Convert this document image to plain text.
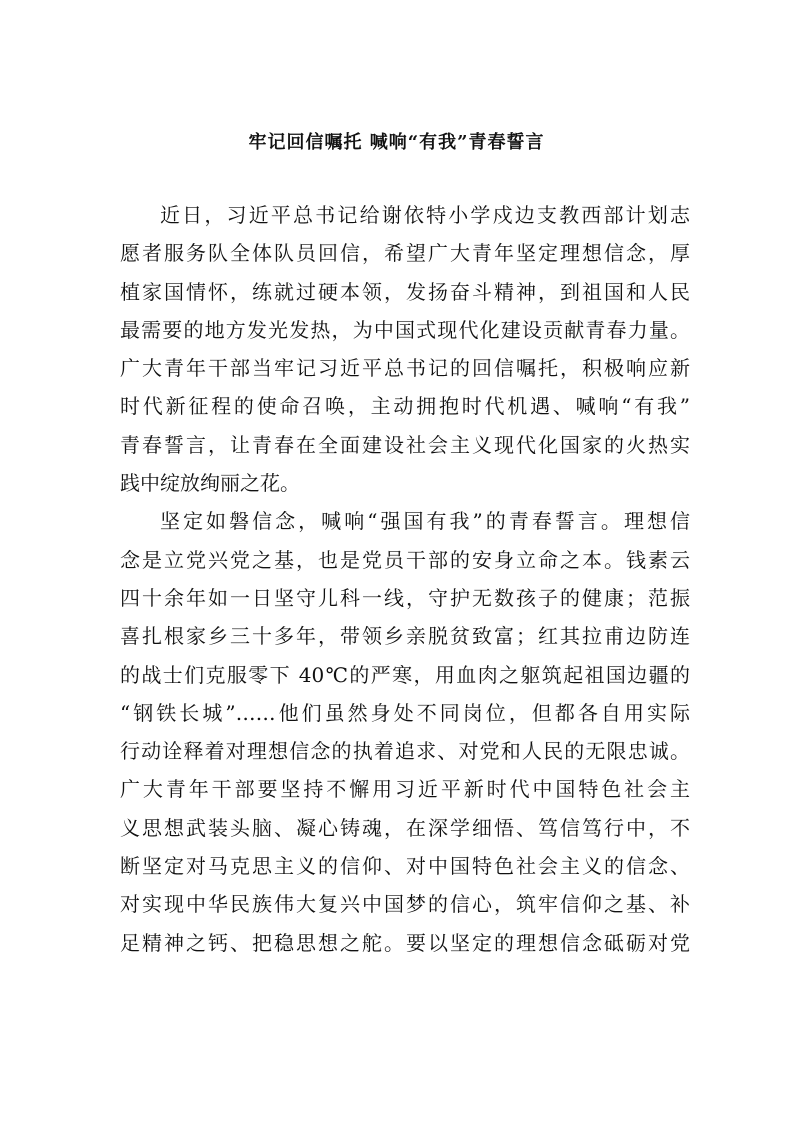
牢记回信嘱托 喊响“有我”青春誓言
近日，习近平总书记给谢依特小学戍边支教西部计划志
愿者服务队全体队员回信，希望广大青年坚定理想信念，厚
植家国情怀，练就过硬本领，发扬奋斗精神，到祖国和人民
最需要的地方发光发热，为中国式现代化建设贡献青春力量。
广大青年干部当牢记习近平总书记的回信嘱托，积极响应新
时代新征程的使命召唤，主动拥抱时代机遇、喊响“有我”
青春誓言，让青春在全面建设社会主义现代化国家的火热实
践中绽放绚丽之花。
坚定如磐信念，喊响“强国有我”的青春誓言。理想信
念是立党兴党之基，也是党员干部的安身立命之本。钱素云
四十余年如一日坚守儿科一线，守护无数孩子的健康；范振
喜扎根家乡三十多年，带领乡亲脱贫致富；红其拉甫边防连
的战士们克服零下 40℃的严寒，用血肉之躯筑起祖国边疆的
“钢铁长城”……他们虽然身处不同岗位，但都各自用实际
行动诠释着对理想信念的执着追求、对党和人民的无限忠诚。
广大青年干部要坚持不懈用习近平新时代中国特色社会主
义思想武装头脑、凝心铸魂，在深学细悟、笃信笃行中，不
断坚定对马克思主义的信仰、对中国特色社会主义的信念、
对实现中华民族伟大复兴中国梦的信心，筑牢信仰之基、补
足精神之钙、把稳思想之舵。要以坚定的理想信念砥砺对党
